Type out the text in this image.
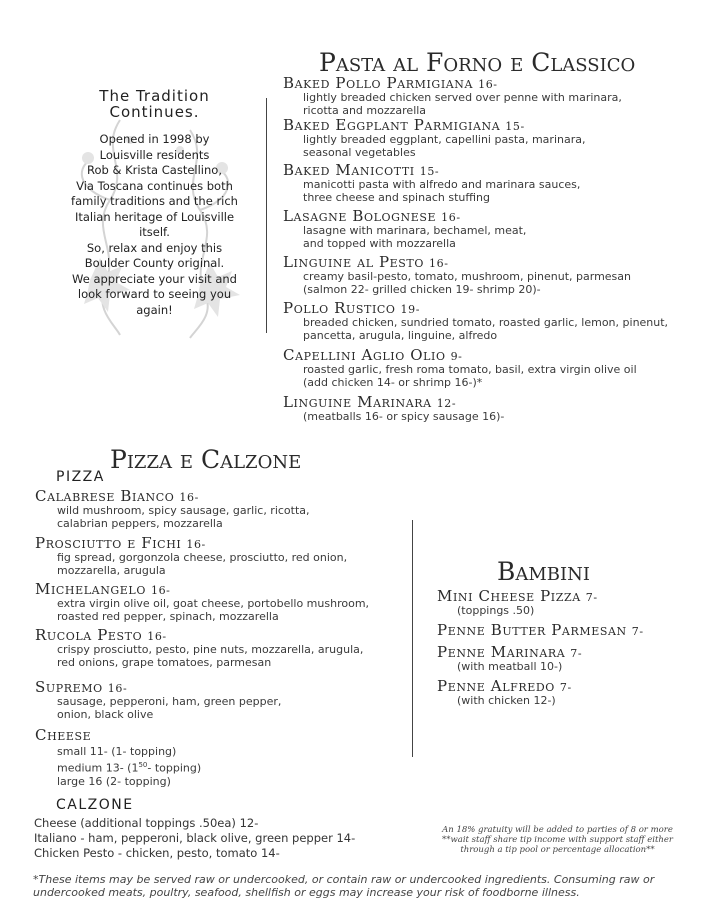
The Tradition
Continues.
Opened in 1998 by
Louisville residents
Rob & Krista Castellino,
Via Toscana continues both
family traditions and the rich
Italian heritage of Louisville
itself.
So, relax and enjoy this
Boulder County original.
We appreciate your visit and
look forward to seeing you
again!
Pasta al Forno e Classico
Baked Pollo Parmigiana 16-
lightly breaded chicken served over penne with marinara,
ricotta and mozzarella
Baked Eggplant Parmigiana 15-
lightly breaded eggplant, capellini pasta, marinara,
seasonal vegetables
Baked Manicotti 15-
manicotti pasta with alfredo and marinara sauces,
three cheese and spinach stuffing
Lasagne Bolognese 16-
lasagne with marinara, bechamel, meat,
and topped with mozzarella
Linguine al Pesto 16-
creamy basil-pesto, tomato, mushroom, pinenut, parmesan
(salmon 22- grilled chicken 19- shrimp 20)-
Pollo Rustico 19-
breaded chicken, sundried tomato, roasted garlic, lemon, pinenut,
pancetta, arugula, linguine, alfredo
Capellini Aglio Olio 9-
roasted garlic, fresh roma tomato, basil, extra virgin olive oil
(add chicken 14- or shrimp 16-)*
Linguine Marinara 12-
(meatballs 16- or spicy sausage 16)-
Pizza e Calzone
PIZZA
Calabrese Bianco 16-
wild mushroom, spicy sausage, garlic, ricotta,
calabrian peppers, mozzarella
Prosciutto e Fichi 16-
fig spread, gorgonzola cheese, prosciutto, red onion,
mozzarella, arugula
Michelangelo 16-
extra virgin olive oil, goat cheese, portobello mushroom,
roasted red pepper, spinach, mozzarella
Rucola Pesto 16-
crispy prosciutto, pesto, pine nuts, mozzarella, arugula,
red onions, grape tomatoes, parmesan
Supremo 16-
sausage, pepperoni, ham, green pepper,
onion, black olive
Cheese
small 11- (1- topping)
medium 13- ($1^{50}-$ topping)
large 16 (2- topping)
CALZONE
Cheese (additional toppings .50ea) 12-
Italiano - ham, pepperoni, black olive, green pepper 14-
Chicken Pesto - chicken, pesto, tomato 14-
Bambini
Mini Cheese Pizza 7-
(toppings .50)
Penne Butter Parmesan 7-
Penne Marinara 7-
(with meatball 10-)
Penne Alfredo 7-
(with chicken 12-)
An 18% gratuity will be added to parties of 8 or more
**wait staff share tip income with support staff either
through a tip pool or percentage allocation**
*These items may be served raw or undercooked, or contain raw or undercooked ingredients. Consuming raw or
undercooked meats, poultry, seafood, shellfish or eggs may increase your risk of foodborne illness.
